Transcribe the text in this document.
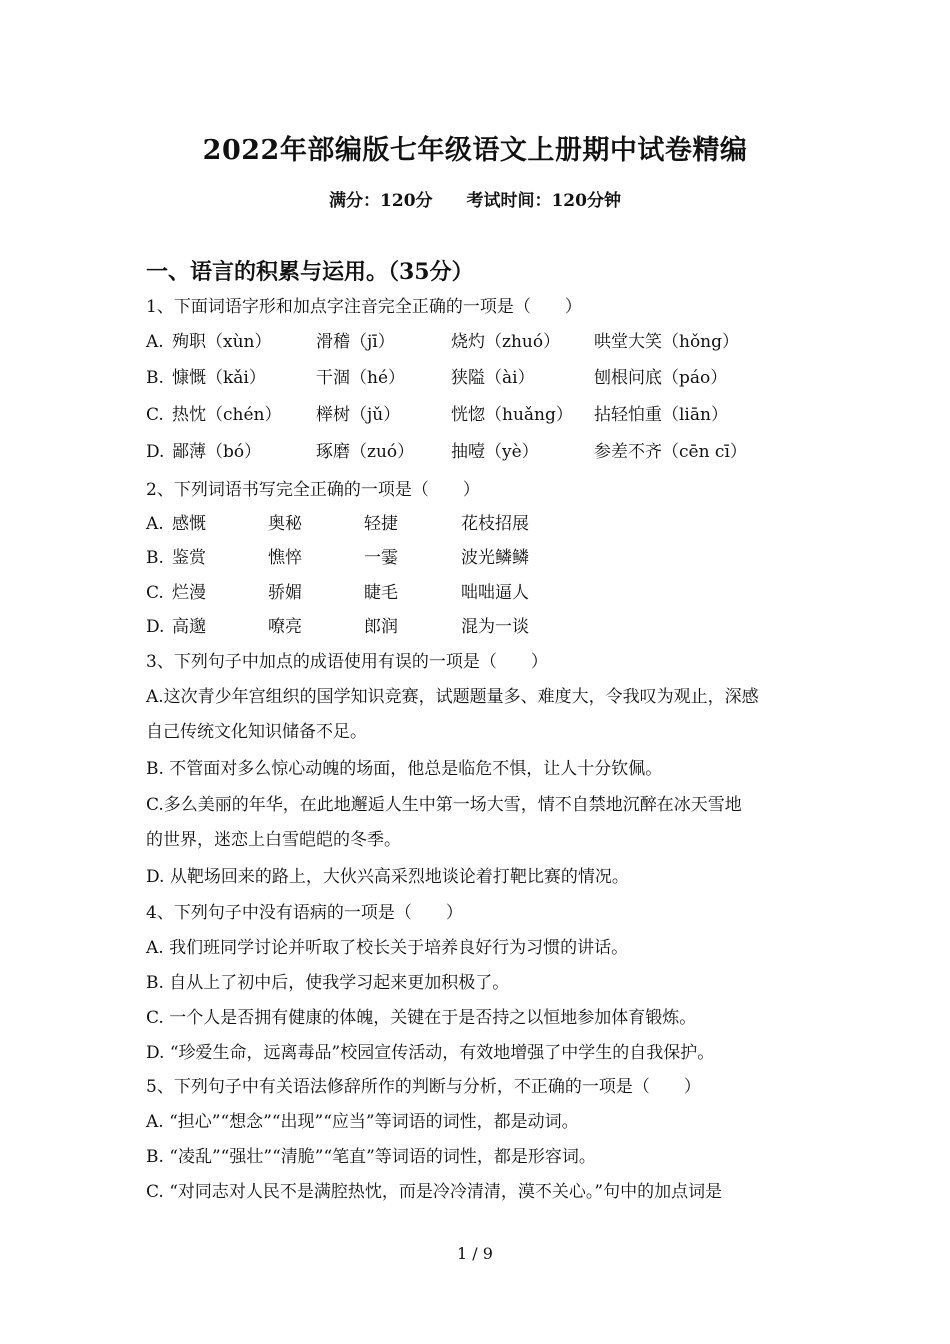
2022年部编版七年级语文上册期中试卷精编
满分：120分 考试时间：120分钟
一、语言的积累与运用。（35分）
1、下面词语字形和加点字注音完全正确的一项是（　　）
A. 殉职（xùn）	滑稽（jī）	烧灼（zhuó） 哄堂大笑（hǒng）
B. 慷慨（kǎi）	干涸（hé）	狭隘（ài）	刨根问底（páo）
C. 热忱（chén） 榉树（jǔ）	恍惚（huǎng） 拈轻怕重（liān）
D. 鄙薄（bó）	琢磨（zuó） 抽噎（yè）	参差不齐（cēn cī）
2、下列词语书写完全正确的一项是（　　）
A. 感慨	奥秘	轻捷	花枝招展
B. 鉴赏	憔悴	一霎	波光鳞鳞
C. 烂漫	骄媚	睫毛	咄咄逼人
D. 高邈	嘹亮	郎润	混为一谈
3、下列句子中加点的成语使用有误的一项是（　　）
A.这次青少年宫组织的国学知识竞赛，试题题量多、难度大，令我叹为观止，深感
自己传统文化知识储备不足。
B. 不管面对多么惊心动魄的场面，他总是临危不惧，让人十分钦佩。
C.多么美丽的年华，在此地邂逅人生中第一场大雪，情不自禁地沉醉在冰天雪地
的世界，迷恋上白雪皑皑的冬季。
D. 从靶场回来的路上，大伙兴高采烈地谈论着打靶比赛的情况。
4、下列句子中没有语病的一项是（　　）
A. 我们班同学讨论并听取了校长关于培养良好行为习惯的讲话。
B. 自从上了初中后，使我学习起来更加积极了。
C. 一个人是否拥有健康的体魄，关键在于是否持之以恒地参加体育锻炼。
D. “珍爱生命，远离毒品”校园宣传活动，有效地增强了中学生的自我保护。
5、下列句子中有关语法修辞所作的判断与分析，不正确的一项是（　　）
A. “担心”“想念”“出现”“应当”等词语的词性，都是动词。
B. “凌乱”“强壮”“清脆”“笔直”等词语的词性，都是形容词。
C. “对同志对人民不是满腔热忱，而是冷冷清清，漠不关心。”句中的加点词是
1 / 9
